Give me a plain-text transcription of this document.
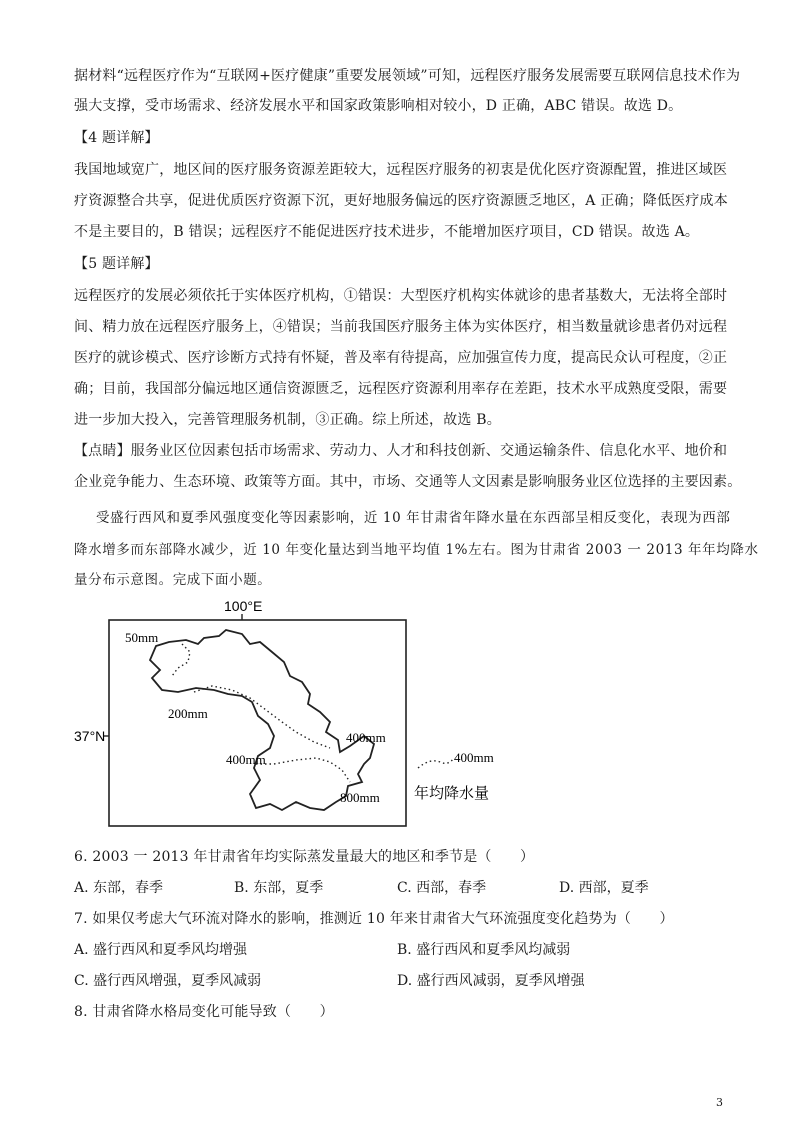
据材料“远程医疗作为“互联网+医疗健康”重要发展领域”可知，远程医疗服务发展需要互联网信息技术作为
强大支撑，受市场需求、经济发展水平和国家政策影响相对较小，D 正确，ABC 错误。故选 D。
【4 题详解】
我国地域宽广，地区间的医疗服务资源差距较大，远程医疗服务的初衷是优化医疗资源配置，推进区域医
疗资源整合共享，促进优质医疗资源下沉，更好地服务偏远的医疗资源匮乏地区，A 正确；降低医疗成本
不是主要目的，B 错误；远程医疗不能促进医疗技术进步，不能增加医疗项目，CD 错误。故选 A。
【5 题详解】
远程医疗的发展必须依托于实体医疗机构，①错误：大型医疗机构实体就诊的患者基数大，无法将全部时
间、精力放在远程医疗服务上，④错误；当前我国医疗服务主体为实体医疗，相当数量就诊患者仍对远程
医疗的就诊模式、医疗诊断方式持有怀疑，普及率有待提高，应加强宣传力度，提高民众认可程度，②正
确；目前，我国部分偏远地区通信资源匮乏，远程医疗资源利用率存在差距，技术水平成熟度受限，需要
进一步加大投入，完善管理服务机制，③正确。综上所述，故选 B。
【点睛】服务业区位因素包括市场需求、劳动力、人才和科技创新、交通运输条件、信息化水平、地价和
企业竞争能力、生态环境、政策等方面。其中，市场、交通等人文因素是影响服务业区位选择的主要因素。
受盛行西风和夏季风强度变化等因素影响，近 10 年甘肃省年降水量在东西部呈相反变化，表现为西部
降水增多而东部降水减少，近 10 年变化量达到当地平均值 1%左右。图为甘肃省 2003 一 2013 年年均降水
量分布示意图。完成下面小题。
100°E
37°N
50mm
200mm
400mm
400mm
800mm
400mm
年均降水量
6. 2003 一 2013 年甘肃省年均实际蒸发量最大的地区和季节是（　　）
A. 东部，春季	B. 东部，夏季	C. 西部，春季	D. 西部，夏季
7. 如果仅考虑大气环流对降水的影响，推测近 10 年来甘肃省大气环流强度变化趋势为（　　）
A. 盛行西风和夏季风均增强	B. 盛行西风和夏季风均减弱
C. 盛行西风增强，夏季风减弱	D. 盛行西风减弱，夏季风增强
8. 甘肃省降水格局变化可能导致（　　）
3
